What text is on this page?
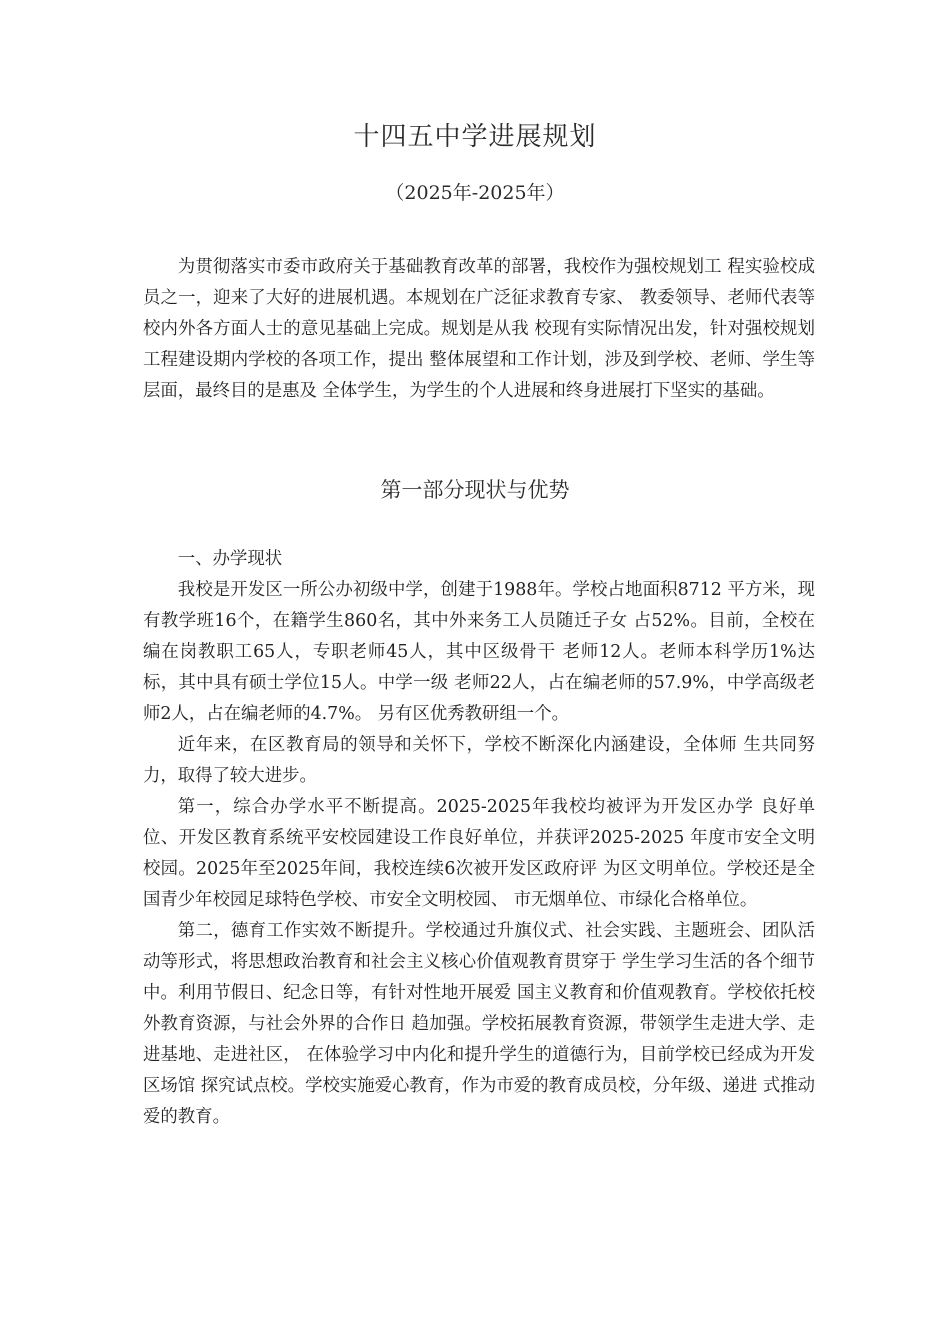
十四五中学进展规划
（2025年-2025年）

为贯彻落实市委市政府关于基础教育改革的部署，我校作为强校规划工 程实验校成员之一，迎来了大好的进展机遇。本规划在广泛征求教育专家、 教委领导、老师代表等校内外各方面人士的意见基础上完成。规划是从我 校现有实际情况出发，针对强校规划工程建设期内学校的各项工作，提出 整体展望和工作计划，涉及到学校、老师、学生等层面，最终目的是惠及 全体学生，为学生的个人进展和终身进展打下坚实的基础。

第一部分现状与优势

一、办学现状

我校是开发区一所公办初级中学，创建于1988年。学校占地面积8712 平方米，现有教学班16个，在籍学生860名，其中外来务工人员随迁子女 占52%。目前，全校在编在岗教职工65人，专职老师45人，其中区级骨干 老师12人。老师本科学历1%达标，其中具有硕士学位15人。中学一级 老师22人，占在编老师的57.9%，中学高级老师2人，占在编老师的4.7%。 另有区优秀教研组一个。

近年来，在区教育局的领导和关怀下，学校不断深化内涵建设，全体师 生共同努力，取得了较大进步。

第一，综合办学水平不断提高。2025-2025年我校均被评为开发区办学 良好单位、开发区教育系统平安校园建设工作良好单位，并获评2025-2025 年度市安全文明校园。2025年至2025年间，我校连续6次被开发区政府评 为区文明单位。学校还是全国青少年校园足球特色学校、市安全文明校园、 市无烟单位、市绿化合格单位。

第二，德育工作实效不断提升。学校通过升旗仪式、社会实践、主题班会、团队活动等形式，将思想政治教育和社会主义核心价值观教育贯穿于 学生学习生活的各个细节中。利用节假日、纪念日等，有针对性地开展爱 国主义教育和价值观教育。学校依托校外教育资源，与社会外界的合作日 趋加强。学校拓展教育资源，带领学生走进大学、走进基地、走进社区， 在体验学习中内化和提升学生的道德行为，目前学校已经成为开发区场馆 探究试点校。学校实施爱心教育，作为市爱的教育成员校，分年级、递进 式推动爱的教育。
